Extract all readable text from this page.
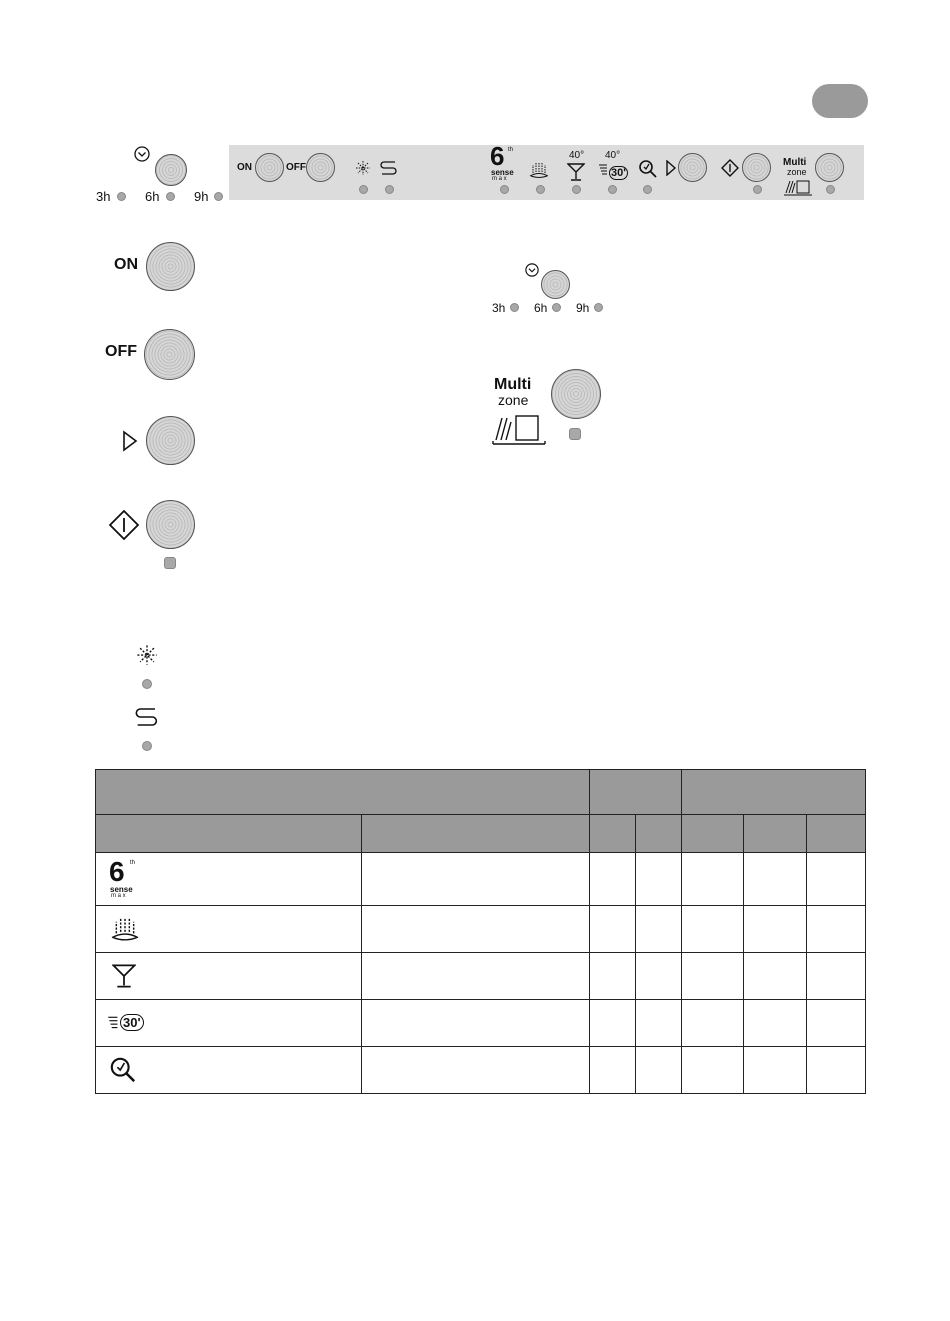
3h	6h	9h
ON	OFF	6 th
sense
m a x
40° 40°
30'
Multi
zone
ON
OFF
3h 6h 9h
Multi
zone

6 th
sense
m a x						

30'						
